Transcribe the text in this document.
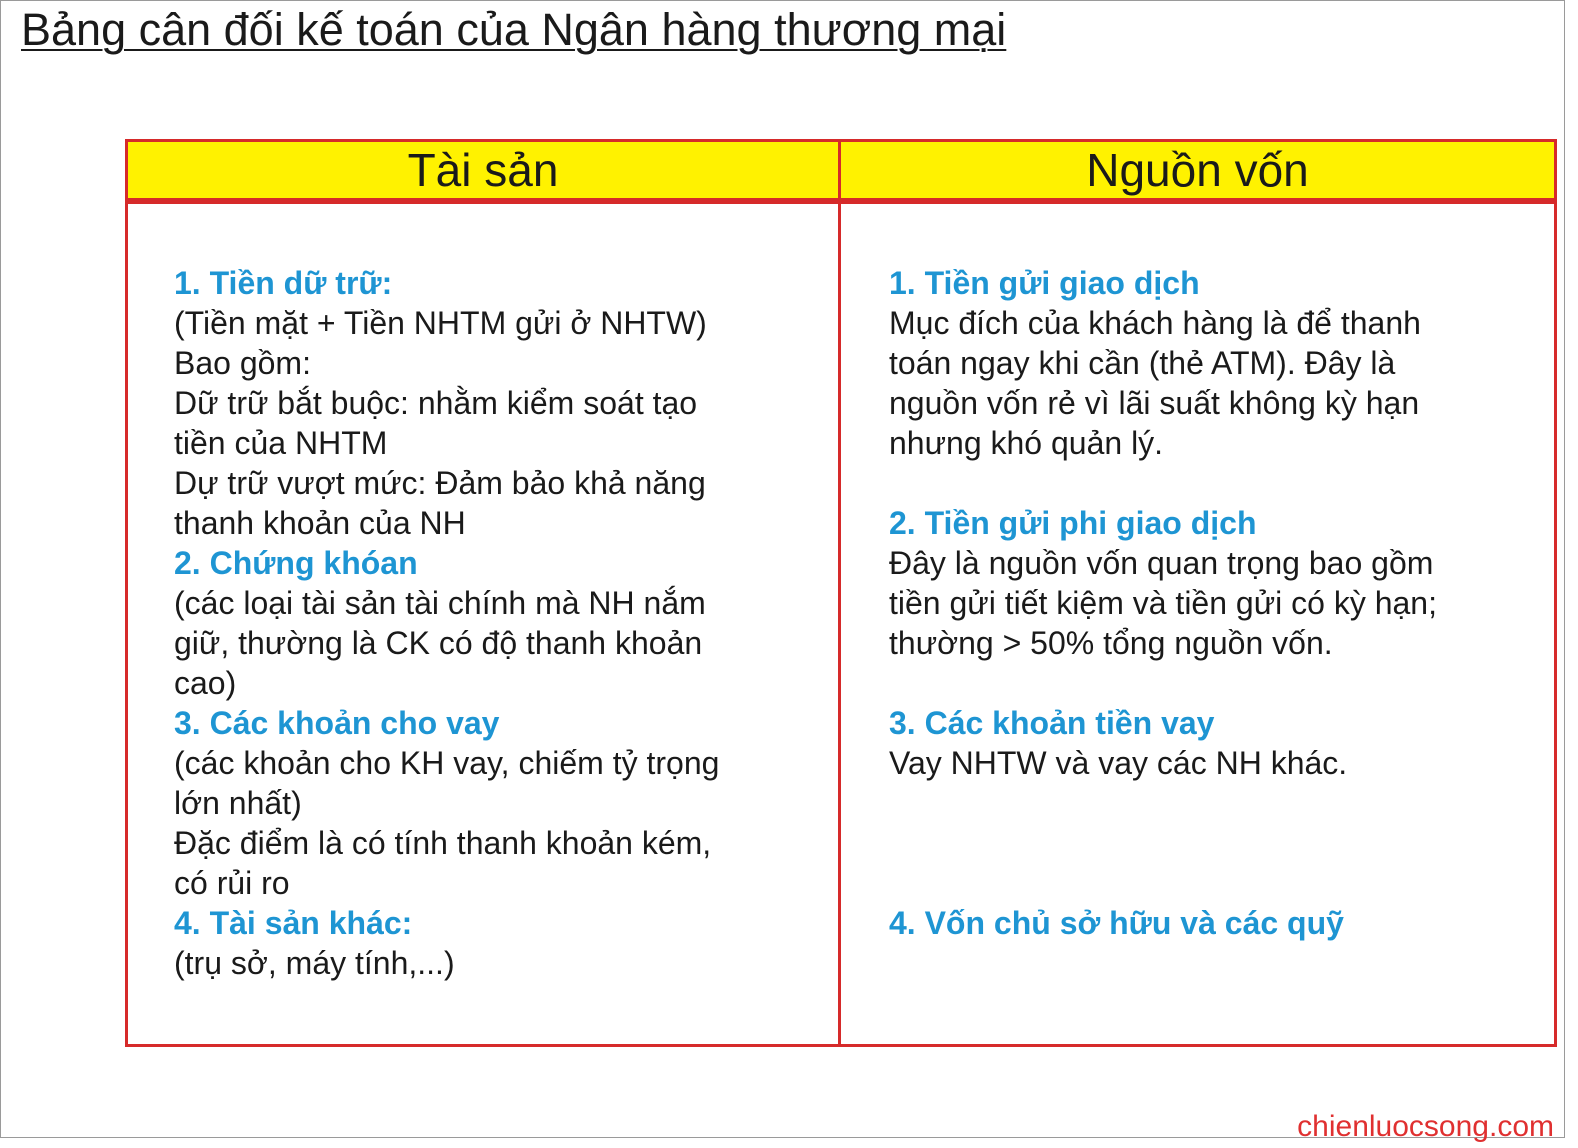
Bảng cân đối kế toán của Ngân hàng thương mại
Tài sản	Nguồn vốn
1. Tiền dữ trữ:
(Tiền mặt + Tiền NHTM gửi ở NHTW)
Bao gồm:
Dữ trữ bắt buộc: nhằm kiểm soát tạo
tiền của NHTM
Dự trữ vượt mức: Đảm bảo khả năng
thanh khoản của NH
2. Chứng khóan
(các loại tài sản tài chính mà NH nắm
giữ, thường là CK có độ thanh khoản
cao)
3. Các khoản cho vay
(các khoản cho KH vay, chiếm tỷ trọng
lớn nhất)
Đặc điểm là có tính thanh khoản kém,
có rủi ro
4. Tài sản khác:
(trụ sở, máy tính,...)
1. Tiền gửi giao dịch
Mục đích của khách hàng là để thanh
toán ngay khi cần (thẻ ATM). Đây là
nguồn vốn rẻ vì lãi suất không kỳ hạn
nhưng khó quản lý.
2. Tiền gửi phi giao dịch
Đây là nguồn vốn quan trọng bao gồm
tiền gửi tiết kiệm và tiền gửi có kỳ hạn;
thường > 50% tổng nguồn vốn.
3. Các khoản tiền vay
Vay NHTW và vay các NH khác.
4. Vốn chủ sở hữu và các quỹ
chienluocsong.com
